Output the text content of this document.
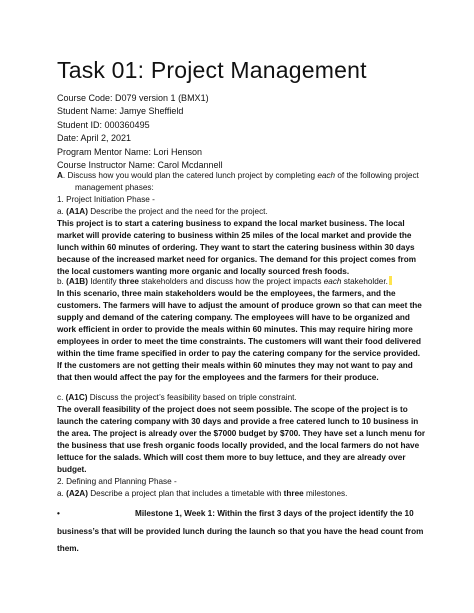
Task 01: Project Management
Course Code: D079 version 1 (BMX1)
Student Name: Jamye Sheffield
Student ID: 000360495
Date: April 2, 2021
Program Mentor Name: Lori Henson
Course Instructor Name: Carol Mcdannell
A. Discuss how you would plan the catered lunch project by completing each of the following project
management phases:
1. Project Initiation Phase -
a. (A1A) Describe the project and the need for the project.
This project is to start a catering business to expand the local market business. The local market will provide catering to business within 25 miles of the local market and provide the lunch within 60 minutes of ordering. They want to start the catering business within 30 days because of the increased market need for organics. The demand for this project comes from the local customers wanting more organic and locally sourced fresh foods.
b. (A1B) Identify three stakeholders and discuss how the project impacts each stakeholder.
In this scenario, three main stakeholders would be the employees, the farmers, and the customers. The farmers will have to adjust the amount of produce grown so that can meet the supply and demand of the catering company. The employees will have to be organized and work efficient in order to provide the meals within 60 minutes. This may require hiring more employees in order to meet the time constraints. The customers will want their food delivered within the time frame specified in order to pay the catering company for the service provided. If the customers are not getting their meals within 60 minutes they may not want to pay and that then would affect the pay for the employees and the farmers for their produce.
c. (A1C) Discuss the project’s feasibility based on triple constraint.
The overall feasibility of the project does not seem possible. The scope of the project is to launch the catering company with 30 days and provide a free catered lunch to 10 business in the area. The project is already over the $7000 budget by $700. They have set a lunch menu for the business that use fresh organic foods locally provided, and the local farmers do not have lettuce for the salads. Which will cost them more to buy lettuce, and they are already over budget.
2. Defining and Planning Phase -
a. (A2A) Describe a project plan that includes a timetable with three milestones.
•	Milestone 1, Week 1: Within the first 3 days of the project identify the 10 business’s that will be provided lunch during the launch so that you have the head count from them.
